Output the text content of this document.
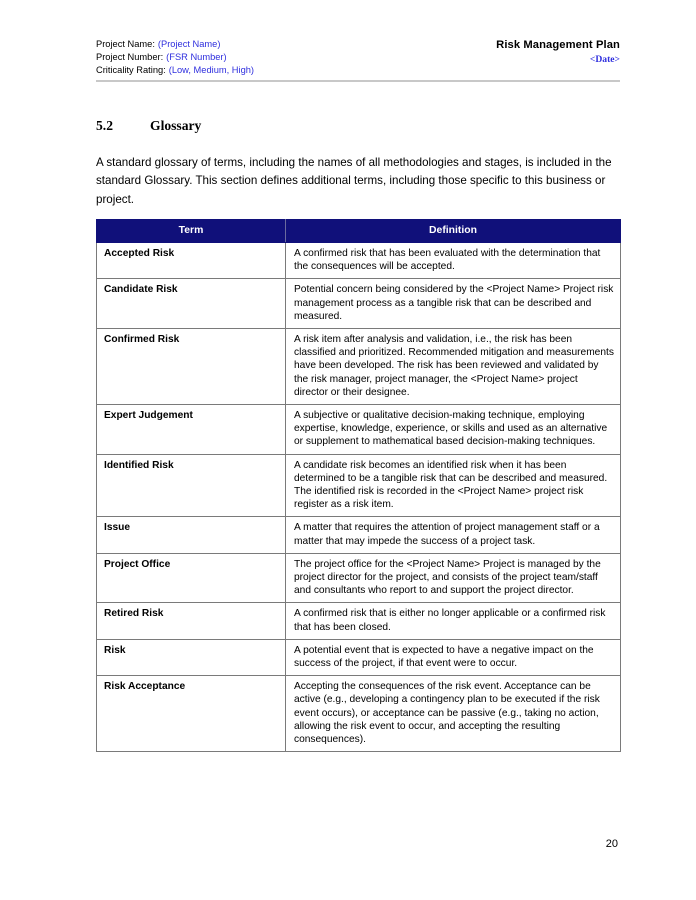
Project Name: (Project Name)
Project Number: (FSR Number)
Criticality Rating: (Low, Medium, High)
Risk Management Plan
<Date>
5.2	Glossary

A standard glossary of terms, including the names of all methodologies and stages, is included in the standard Glossary. This section defines additional terms, including those specific to this business or project.

Term	Definition
Accepted Risk	A confirmed risk that has been evaluated with the determination that the consequences will be accepted.
Candidate Risk	Potential concern being considered by the <Project Name> Project risk management process as a tangible risk that can be described and measured.
Confirmed Risk	A risk item after analysis and validation, i.e., the risk has been classified and prioritized. Recommended mitigation and measurements have been developed. The risk has been reviewed and validated by the risk manager, project manager, the <Project Name> project director or their designee.
Expert Judgement	A subjective or qualitative decision-making technique, employing expertise, knowledge, experience, or skills and used as an alternative or supplement to mathematical based decision-making techniques.
Identified Risk	A candidate risk becomes an identified risk when it has been determined to be a tangible risk that can be described and measured. The identified risk is recorded in the <Project Name> project risk register as a risk item.
Issue	A matter that requires the attention of project management staff or a matter that may impede the success of a project task.
Project Office	The project office for the <Project Name> Project is managed by the project director for the project, and consists of the project team/staff and consultants who report to and support the project director.
Retired Risk	A confirmed risk that is either no longer applicable or a confirmed risk that has been closed.
Risk	A potential event that is expected to have a negative impact on the success of the project, if that event were to occur.
Risk Acceptance	Accepting the consequences of the risk event. Acceptance can be active (e.g., developing a contingency plan to be executed if the risk event occurs), or acceptance can be passive (e.g., taking no action, allowing the risk event to occur, and accepting the resulting consequences).
20
